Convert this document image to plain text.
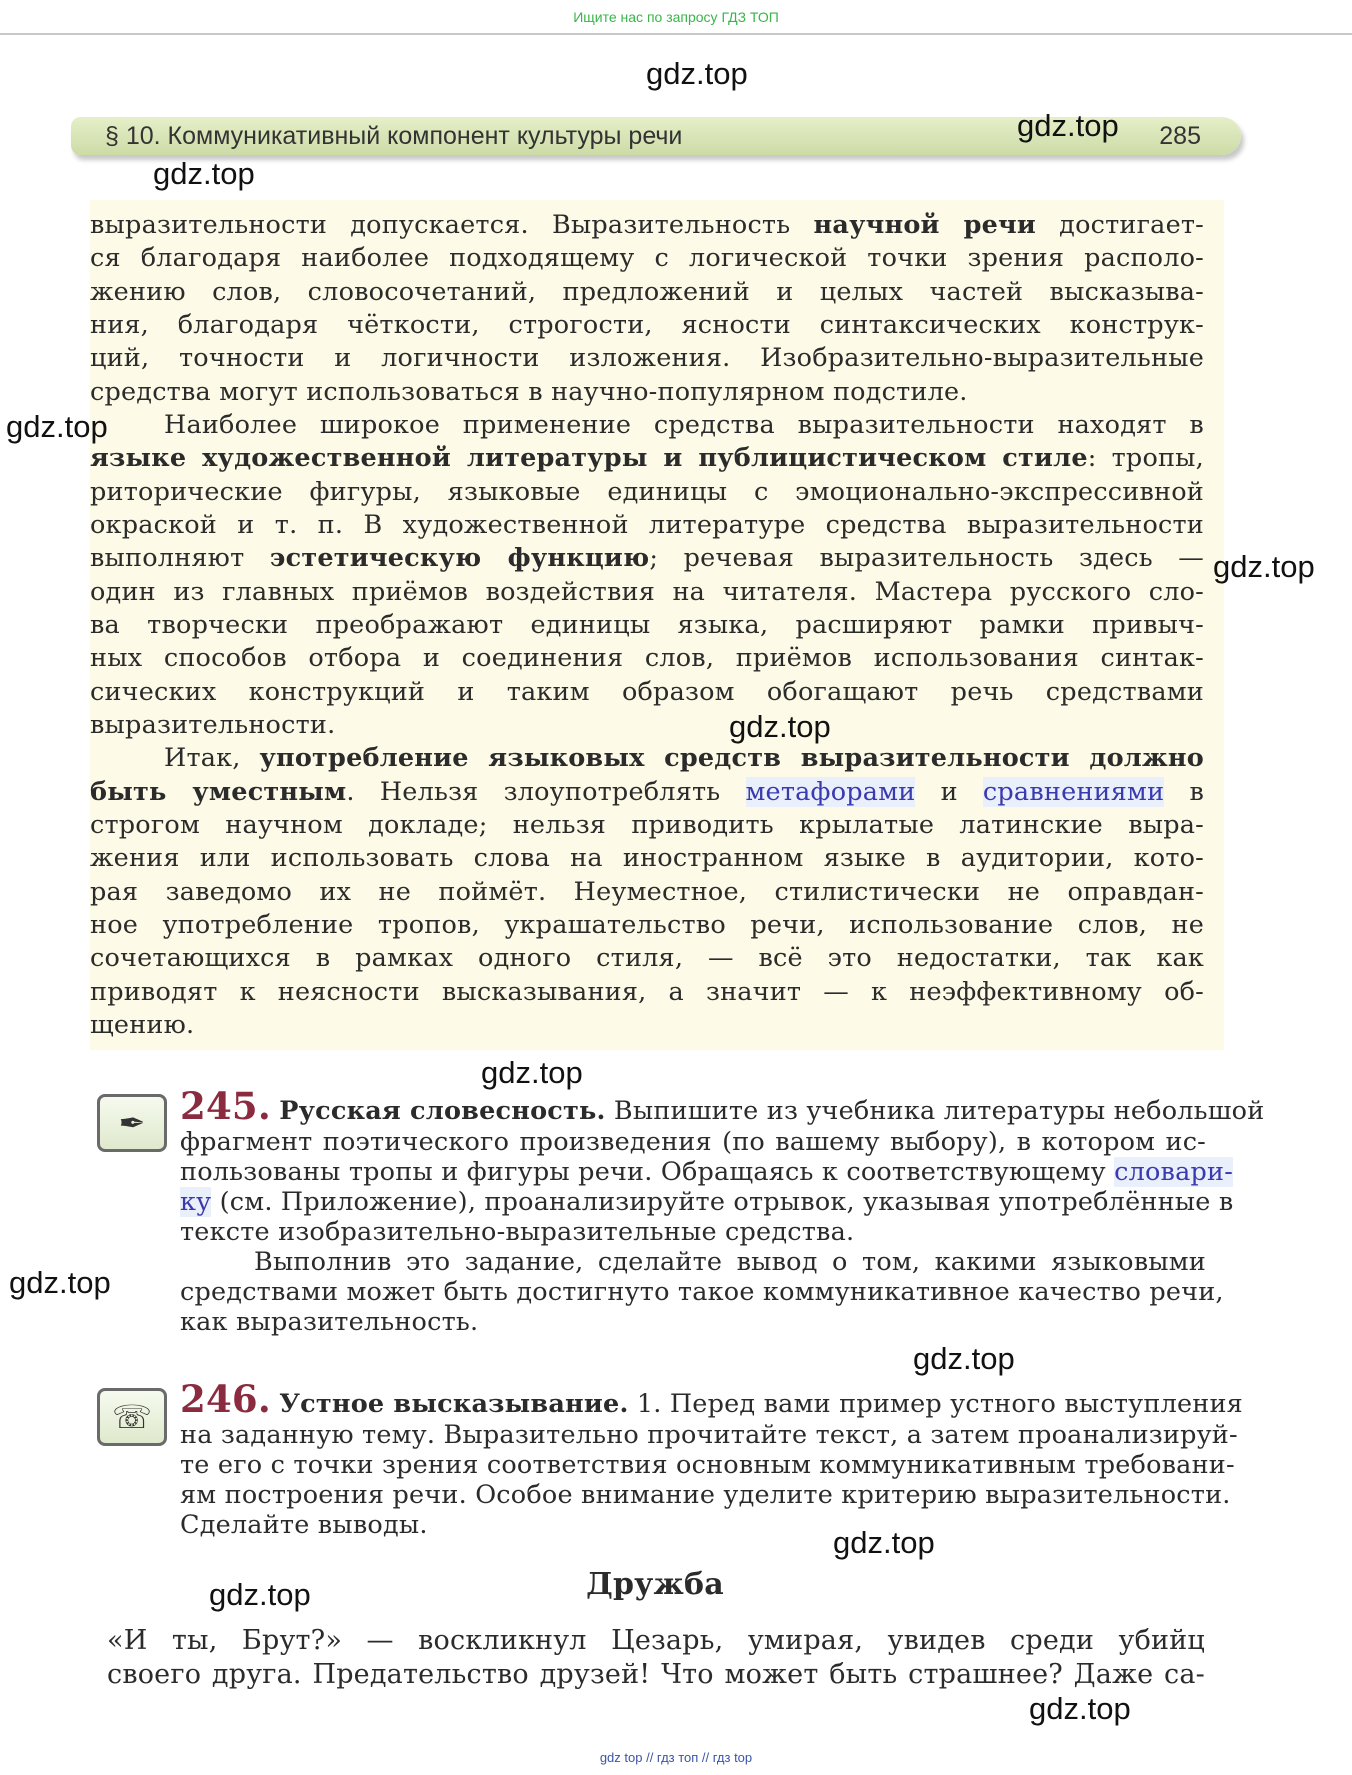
Ищите нас по запросу ГДЗ ТОП
§ 10. Коммуникативный компонент культуры речи	285
выразительности допускается. Выразительность научной речи достигает-
ся благодаря наиболее подходящему с логической точки зрения располо-
жению слов, словосочетаний, предложений и целых частей высказыва-
ния, благодаря чёткости, строгости, ясности синтаксических конструк-
ций, точности и логичности изложения. Изобразительно-выразительные
средства могут использоваться в научно-популярном подстиле.
Наиболее широкое применение средства выразительности находят в
языке художественной литературы и публицистическом стиле: тропы,
риторические фигуры, языковые единицы с эмоционально-экспрессивной
окраской и т. п. В художественной литературе средства выразительности
выполняют эстетическую функцию; речевая выразительность здесь —
один из главных приёмов воздействия на читателя. Мастера русского сло-
ва творчески преображают единицы языка, расширяют рамки привыч-
ных способов отбора и соединения слов, приёмов использования синтак-
сических конструкций и таким образом обогащают речь средствами
выразительности.
Итак, употребление языковых средств выразительности должно
быть уместным. Нельзя злоупотреблять метафорами и сравнениями в
строгом научном докладе; нельзя приводить крылатые латинские выра-
жения или использовать слова на иностранном языке в аудитории, кото-
рая заведомо их не поймёт. Неуместное, стилистически не оправдан-
ное употребление тропов, украшательство речи, использование слов, не
сочетающихся в рамках одного стиля, — всё это недостатки, так как
приводят к неясности высказывания, а значит — к неэффективному об-
щению.
✒ 245. Русская словесность. Выпишите из учебника литературы небольшой
фрагмент поэтического произведения (по вашему выбору), в котором ис-
пользованы тропы и фигуры речи. Обращаясь к соответствующему словари-
ку (см. Приложение), проанализируйте отрывок, указывая употреблённые в
тексте изобразительно-выразительные средства.
Выполнив это задание, сделайте вывод о том, какими языковыми
средствами может быть достигнуто такое коммуникативное качество речи,
как выразительность.
☏ 246. Устное высказывание. 1. Перед вами пример устного выступления
на заданную тему. Выразительно прочитайте текст, а затем проанализируй-
те его с точки зрения соответствия основным коммуникативным требовани-
ям построения речи. Особое внимание уделите критерию выразительности.
Сделайте выводы.
Дружба
«И ты, Брут?» — воскликнул Цезарь, умирая, увидев среди убийц
своего друга. Предательство друзей! Что может быть страшнее? Даже са-
gdz.top
gdz.top
gdz.top
gdz.top
gdz.top
gdz.top
gdz.top
gdz.top
gdz.top
gdz.top
gdz.top
gdz.top
gdz top // гдз топ // гдз top
